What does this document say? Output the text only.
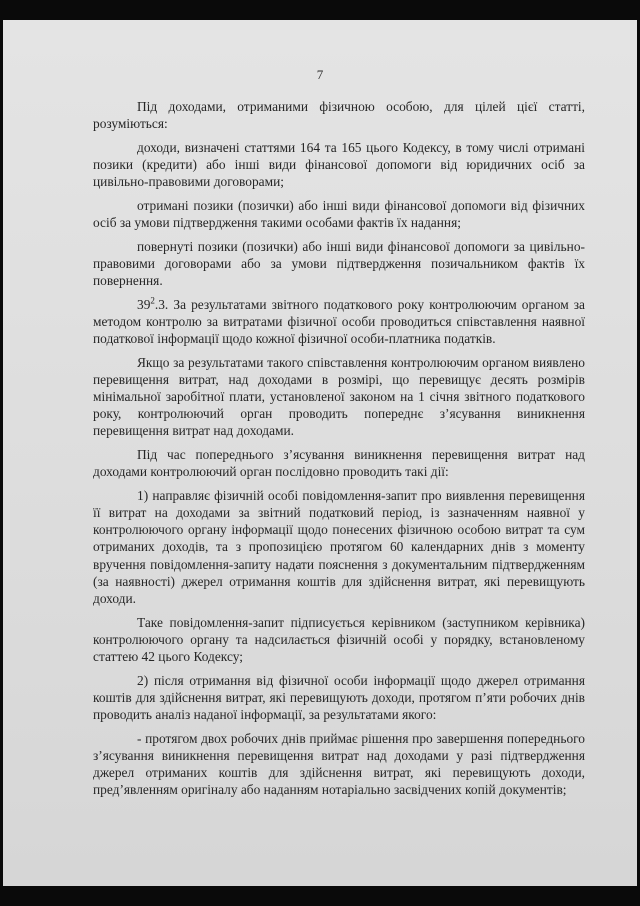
7

Під доходами, отриманими фізичною особою, для цілей цієї статті, розуміються:

доходи, визначені статтями 164 та 165 цього Кодексу, в тому числі отримані позики (кредити) або інші види фінансової допомоги від юридичних осіб за цивільно-правовими договорами;

отримані позики (позички) або інші види фінансової допомоги від фізичних осіб за умови підтвердження такими особами фактів їх надання;

повернуті позики (позички) або інші види фінансової допомоги за цивільно-правовими договорами або за умови підтвердження позичальником фактів їх повернення.

$39^2.3$. За результатами звітного податкового року контролюючим органом за методом контролю за витратами фізичної особи проводиться співставлення наявної податкової інформації щодо кожної фізичної особи-платника податків.

Якщо за результатами такого співставлення контролюючим органом виявлено перевищення витрат, над доходами в розмірі, що перевищує десять розмірів мінімальної заробітної плати, установленої законом на 1 січня звітного податкового року, контролюючий орган проводить попереднє з’ясування виникнення перевищення витрат над доходами.

Під час попереднього з’ясування виникнення перевищення витрат над доходами контролюючий орган послідовно проводить такі дії:

1) направляє фізичній особі повідомлення-запит про виявлення перевищення її витрат на доходами за звітний податковий період, із зазначенням наявної у контролюючого органу інформації щодо понесених фізичною особою витрат та сум отриманих доходів, та з пропозицією протягом 60 календарних днів з моменту вручення повідомлення-запиту надати пояснення з документальним підтвердженням (за наявності) джерел отримання коштів для здійснення витрат, які перевищують доходи.

Таке повідомлення-запит підписується керівником (заступником керівника) контролюючого органу та надсилається фізичній особі у порядку, встановленому статтею 42 цього Кодексу;

2) після отримання від фізичної особи інформації щодо джерел отримання коштів для здійснення витрат, які перевищують доходи, протягом п’яти робочих днів проводить аналіз наданої інформації, за результатами якого:

- протягом двох робочих днів приймає рішення про завершення попереднього з’ясування виникнення перевищення витрат над доходами у разі підтвердження джерел отриманих коштів для здійснення витрат, які перевищують доходи, пред’явленням оригіналу або наданням нотаріально засвідчених копій документів;
